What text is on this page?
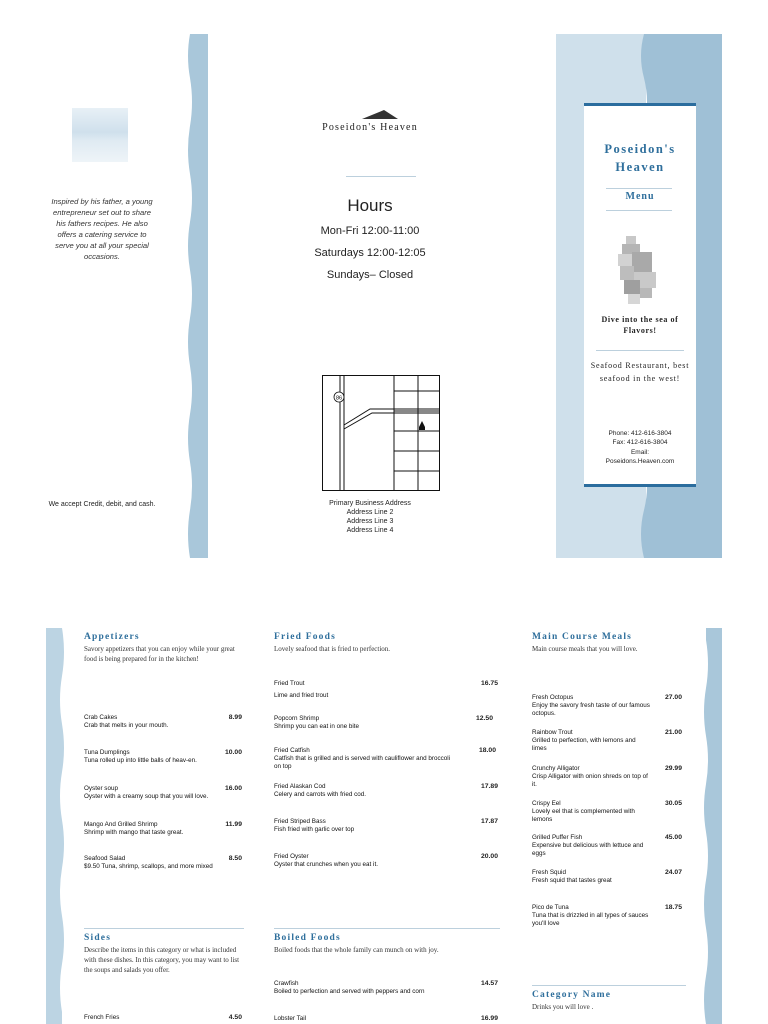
Inspired by his father, a young entrepreneur set out to share his fathers recipes. He also offers a catering service to serve you at all your special occasions.
We accept Credit, debit, and cash.
Poseidon's Heaven
Hours
Mon-Fri 12:00-11:00
Saturdays 12:00-12:05
Sundays– Closed
86
Primary Business Address
Address Line 2
Address Line 3
Address Line 4
Poseidon's
Heaven
Menu
Dive into the sea of Flavors!
Seafood Restaurant, best seafood in the west!
Phone: 412-616-3804
Fax: 412-616-3804
Email:
Poseidons.Heaven.com
Appetizers
Savory appetizers that you can enjoy while your great food is being prepared for in the kitchen!
Crab Cakes
Crab that melts in your mouth.
8.99
Tuna Dumplings
Tuna rolled up into little balls of heav-en.
10.00
Oyster soup
Oyster with a creamy soup that you will love.
16.00
Mango And Grilled Shrimp
Shrimp with mango that taste great.
11.99
Seafood Salad
$9.50 Tuna, shrimp, scallops, and more mixed
8.50
Sides
Describe the items in this category or what is included with these dishes. In this category, you may want to list the soups and salads you offer.
French Fries	4.50
Fried Foods
Lovely seafood that is fried to perfection.
Fried Trout
Lime and fried trout
16.75
Popcorn Shrimp
Shrimp you can eat in one bite
12.50
Fried Catfish
Catfish that is grilled and is served with cauliflower and broccoli on top
18.00
Fried Alaskan Cod
Celery and carrots with fried cod.
17.89
Fried Striped Bass
Fish fried with garlic over top
17.87
Fried Oyster
Oyster that crunches when you eat it.
20.00
Boiled Foods
Boiled foods that the whole family can munch on with joy.
Crawfish
Boiled to perfection and served with peppers and corn
14.57
Lobster Tail	16.99
Main Course Meals
Main course meals that you will love.
Fresh Octopus
Enjoy the savory fresh taste of our famous octopus.
27.00
Rainbow Trout
Grilled to perfection, with lemons and limes
21.00
Crunchy Alligator
Crisp Alligator with onion shreds on top of it.
29.99
Crispy Eel
Lovely eel that is complemented with lemons
30.05
Grilled Puffer Fish
Expensive but delicious with lettuce and eggs
45.00
Fresh Squid
Fresh squid that tastes great
24.07
Pico de Tuna
Tuna that is drizzled in all types of sauces you'll love
18.75
Category Name
Drinks you will love .
